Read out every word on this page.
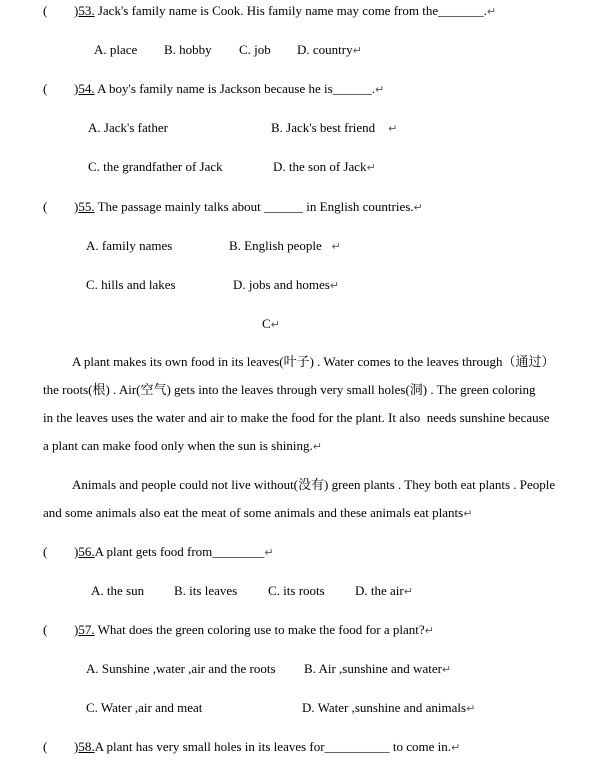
( )53. Jack's family name is Cook. His family name may come from the_______.↵
A. place B. hobby C. job D. country↵
( )54. A boy's family name is Jackson because he is______.↵
A. Jack's father	B. Jack's best friend ↵
C. the grandfather of Jack	D. the son of Jack↵
( )55. The passage mainly talks about ______ in English countries.↵
A. family names	B. English people ↵
C. hills and lakes	D. jobs and homes↵
C↵
A plant makes its own food in its leaves(叶子) . Water comes to the leaves through（通过）
the roots(根) . Air(空气) gets into the leaves through very small holes(洞) . The green coloring
in the leaves uses the water and air to make the food for the plant. It also  needs sunshine because
a plant can make food only when the sun is shining.↵
Animals and people could not live without(没有) green plants . They both eat plants . People
and some animals also eat the meat of some animals and these animals eat plants↵
( )56.A plant gets food from________↵
A. the sun B. its leaves C. its roots D. the air↵
( )57. What does the green coloring use to make the food for a plant?↵
A. Sunshine ,water ,air and the roots B. Air ,sunshine and water↵
C. Water ,air and meat	D. Water ,sunshine and animals↵
( )58.A plant has very small holes in its leaves for__________ to come in.↵
